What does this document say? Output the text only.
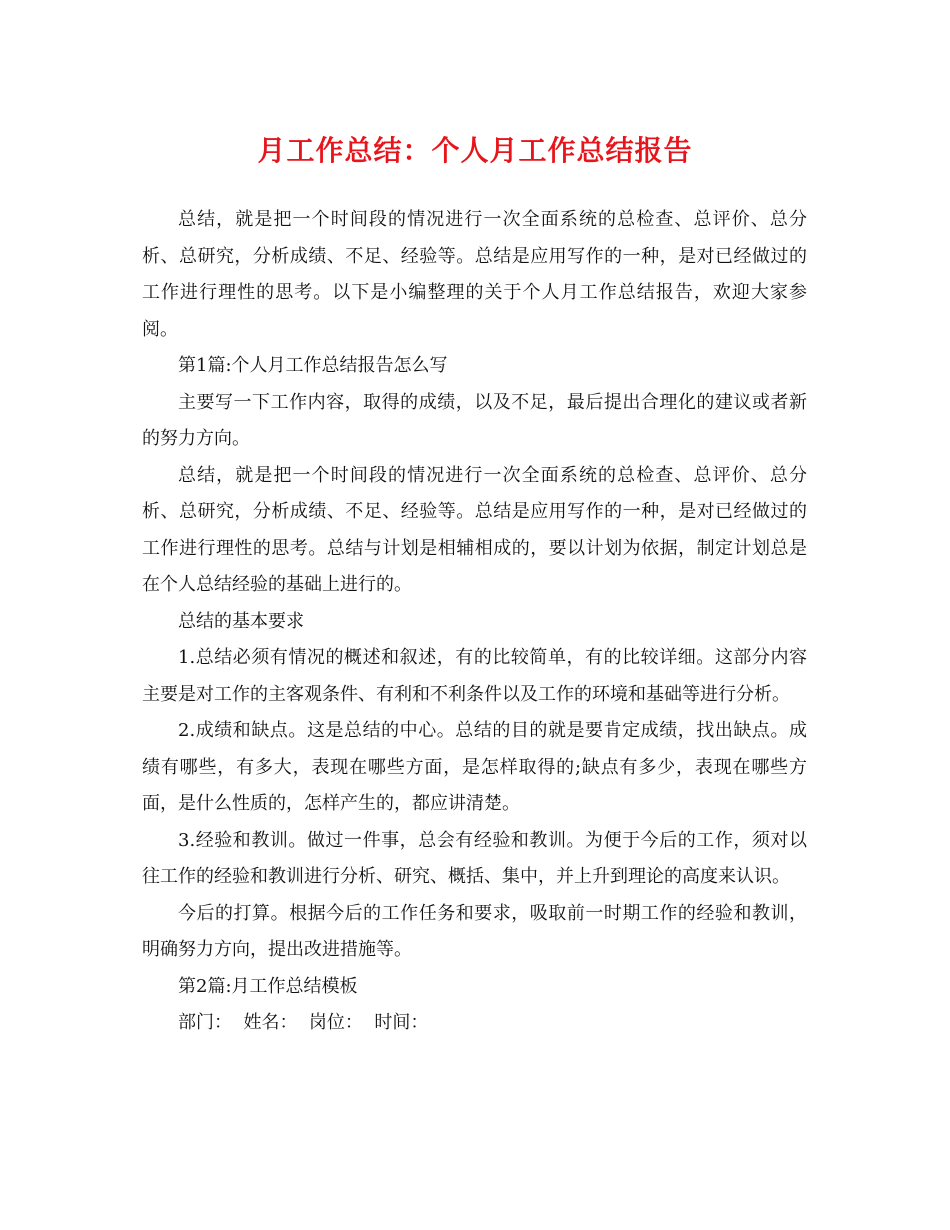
月工作总结：个人月工作总结报告

总结，就是把一个时间段的情况进行一次全面系统的总检查、总评价、总分析、总研究，分析成绩、不足、经验等。总结是应用写作的一种，是对已经做过的工作进行理性的思考。以下是小编整理的关于个人月工作总结报告，欢迎大家参阅。

第1篇:个人月工作总结报告怎么写

主要写一下工作内容，取得的成绩，以及不足，最后提出合理化的建议或者新的努力方向。

总结，就是把一个时间段的情况进行一次全面系统的总检查、总评价、总分析、总研究，分析成绩、不足、经验等。总结是应用写作的一种，是对已经做过的工作进行理性的思考。总结与计划是相辅相成的，要以计划为依据，制定计划总是在个人总结经验的基础上进行的。

总结的基本要求

1.总结必须有情况的概述和叙述，有的比较简单，有的比较详细。这部分内容主要是对工作的主客观条件、有利和不利条件以及工作的环境和基础等进行分析。

2.成绩和缺点。这是总结的中心。总结的目的就是要肯定成绩，找出缺点。成绩有哪些，有多大，表现在哪些方面，是怎样取得的;缺点有多少，表现在哪些方面，是什么性质的，怎样产生的，都应讲清楚。

3.经验和教训。做过一件事，总会有经验和教训。为便于今后的工作，须对以往工作的经验和教训进行分析、研究、概括、集中，并上升到理论的高度来认识。

今后的打算。根据今后的工作任务和要求，吸取前一时期工作的经验和教训，明确努力方向，提出改进措施等。

第2篇:月工作总结模板

部门：  姓名：  岗位：  时间：
